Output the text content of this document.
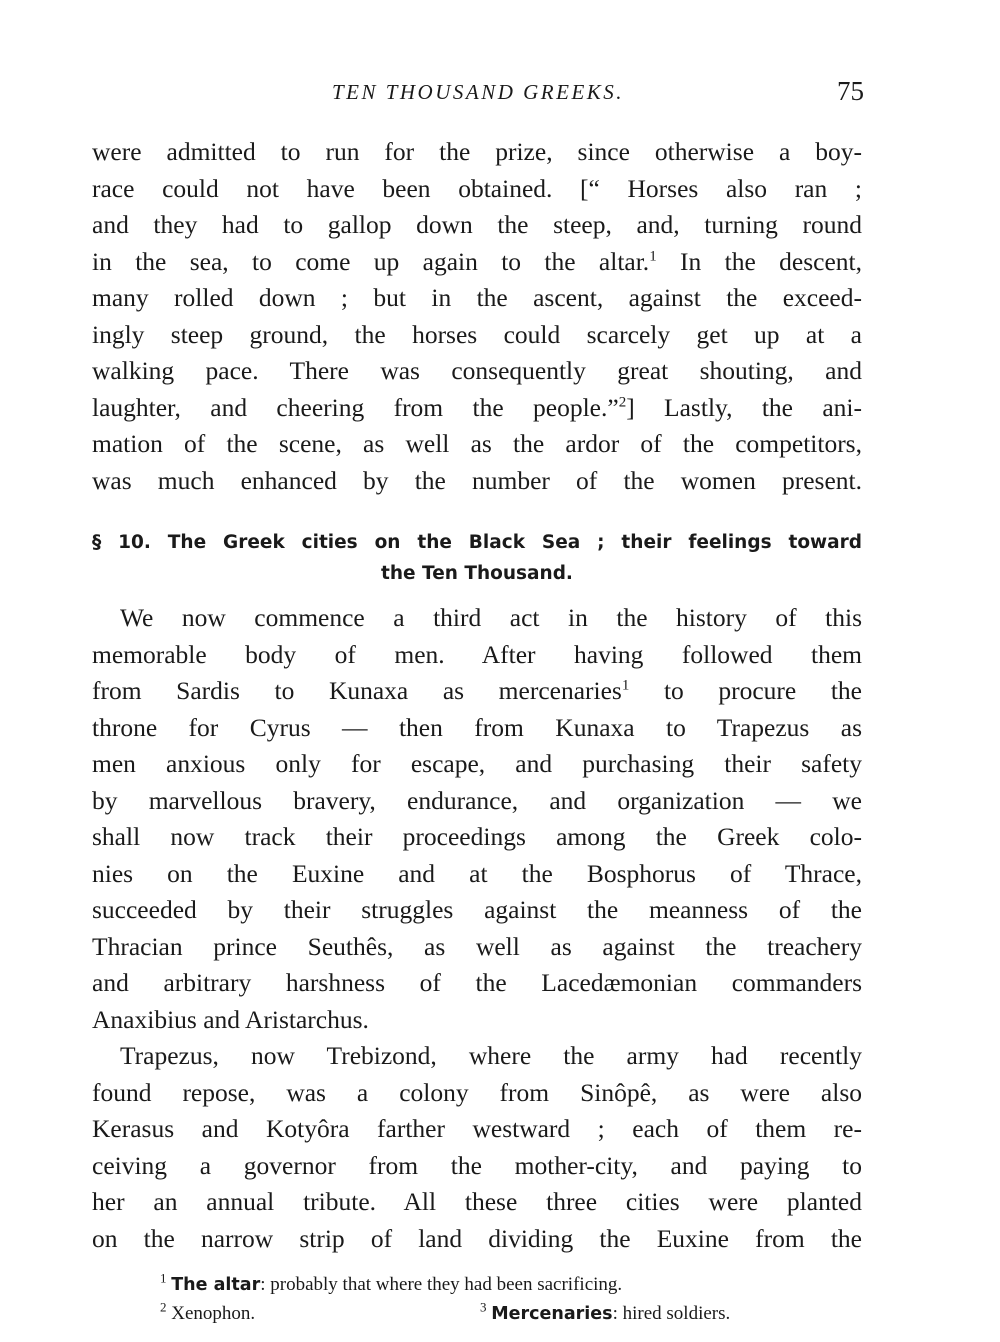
TEN THOUSAND GREEKS.	75
were admitted to run for the prize, since otherwise a boy-
race could not have been obtained. [“ Horses also ran ;
and they had to gallop down the steep, and, turning round
in the sea, to come up again to the altar.$^1$ In the descent,
many rolled down ; but in the ascent, against the exceed-
ingly steep ground, the horses could scarcely get up at a
walking pace. There was consequently great shouting, and
laughter, and cheering from the people.”$^2$] Lastly, the ani-
mation of the scene, as well as the ardor of the competitors,
was much enhanced by the number of the women present.
§ 10. The Greek cities on the Black Sea ; their feelings toward
the Ten Thousand.
We now commence a third act in the history of this
memorable body of men. After having followed them
from Sardis to Kunaxa as mercenaries$^1$ to procure the
throne for Cyrus — then from Kunaxa to Trapezus as
men anxious only for escape, and purchasing their safety
by marvellous bravery, endurance, and organization — we
shall now track their proceedings among the Greek colo-
nies on the Euxine and at the Bosphorus of Thrace,
succeeded by their struggles against the meanness of the
Thracian prince Seuthês, as well as against the treachery
and arbitrary harshness of the Lacedæmonian commanders
Anaxibius and Aristarchus.
Trapezus, now Trebizond, where the army had recently
found repose, was a colony from Sinôpê, as were also
Kerasus and Kotyôra farther westward ; each of them re-
ceiving a governor from the mother-city, and paying to
her an annual tribute. All these three cities were planted
on the narrow strip of land dividing the Euxine from the
$^1$ The altar: probably that where they had been sacrificing.
$^2$ Xenophon.	$^3$ Mercenaries: hired soldiers.
